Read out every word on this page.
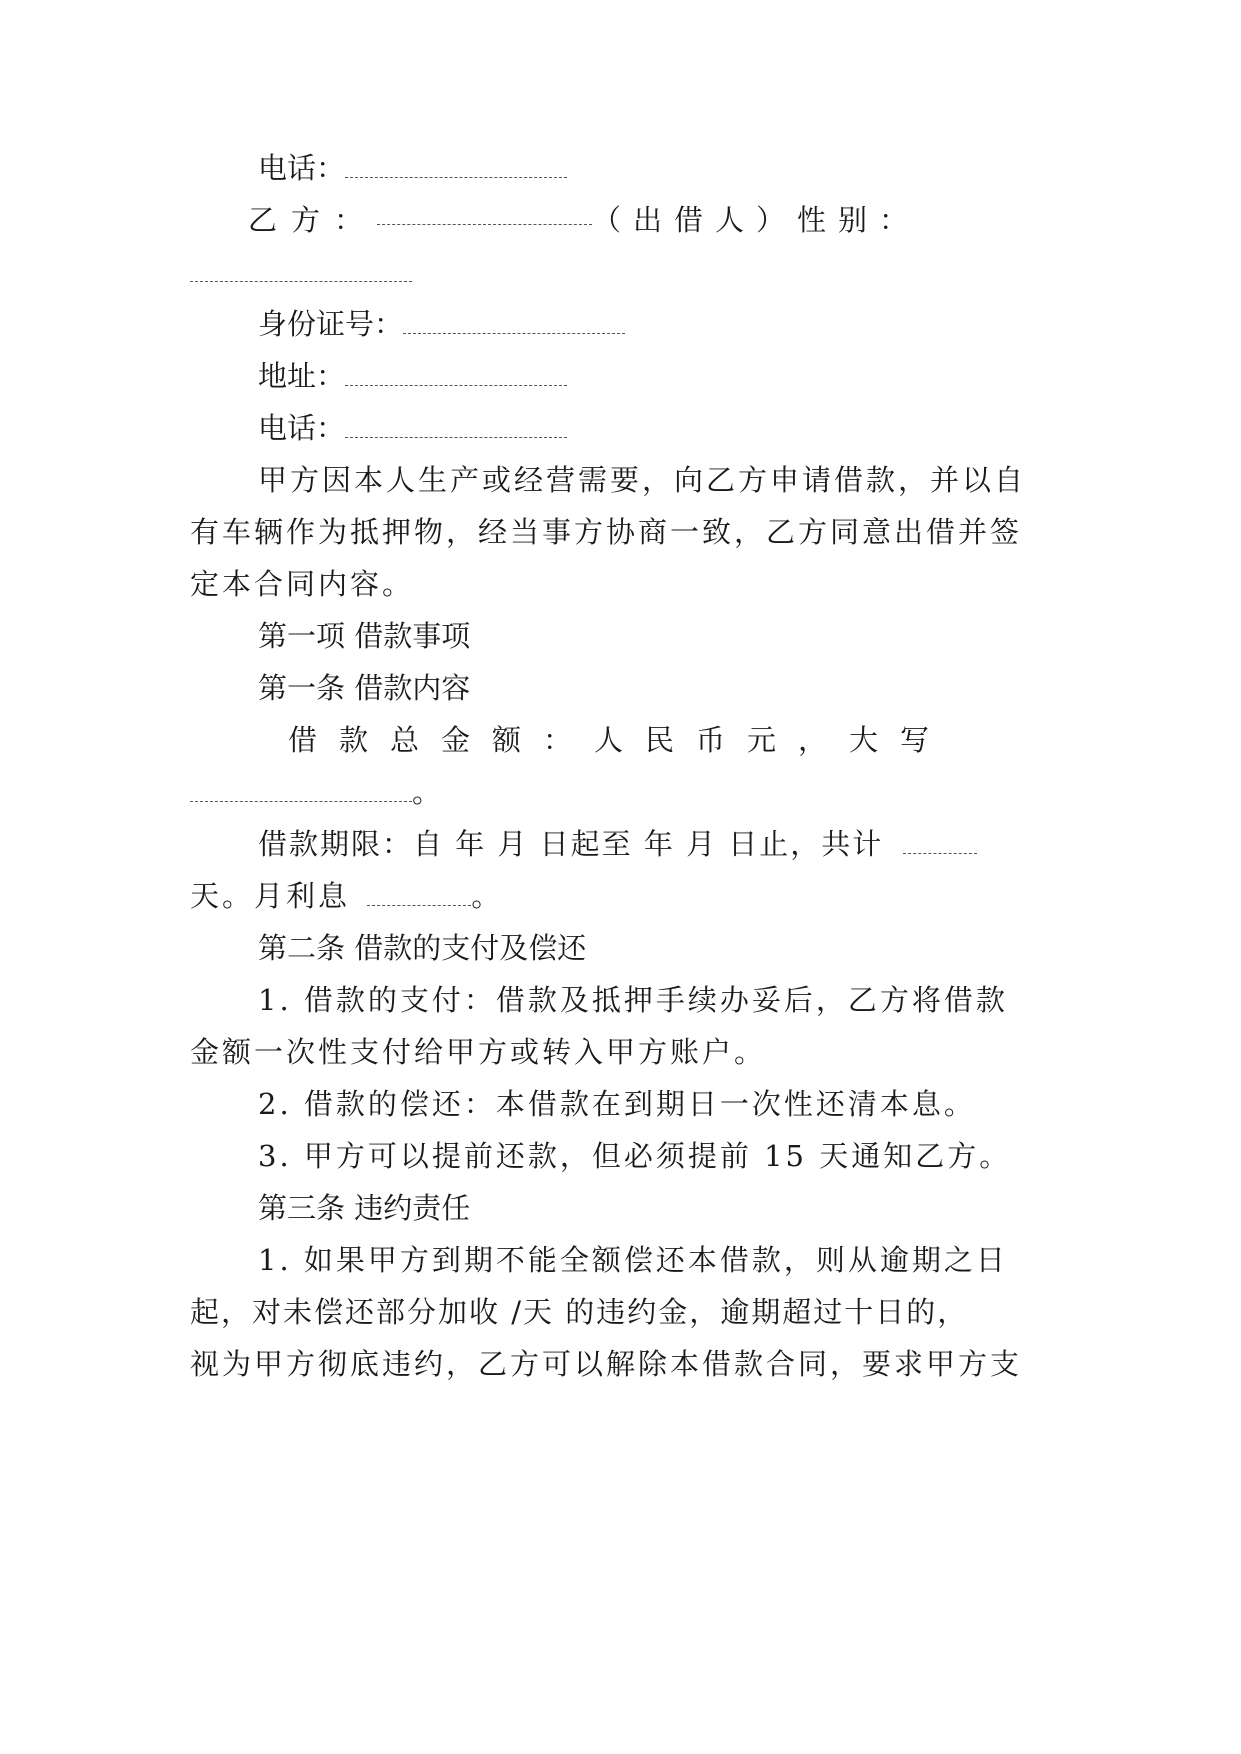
电话：
乙方：	（出借人） 性别：
身份证号：
地址：
电话：
甲方因本人生产或经营需要，向乙方申请借款，并以自
有车辆作为抵押物，经当事方协商一致，乙方同意出借并签
定本合同内容。
第一项 借款事项
第一条 借款内容
借款总金额：人民币 元， 大写
。
借款期限：自 年 月 日起至 年 月 日止，共计
天。月利息	。
第二条 借款的支付及偿还
1. 借款的支付：借款及抵押手续办妥后，乙方将借款
金额一次性支付给甲方或转入甲方账户。
2. 借款的偿还：本借款在到期日一次性还清本息。
3. 甲方可以提前还款，但必须提前 15 天通知乙方。
第三条 违约责任
1. 如果甲方到期不能全额偿还本借款，则从逾期之日
起，对未偿还部分加收 /天 的违约金，逾期超过十日的，
视为甲方彻底违约，乙方可以解除本借款合同，要求甲方支
